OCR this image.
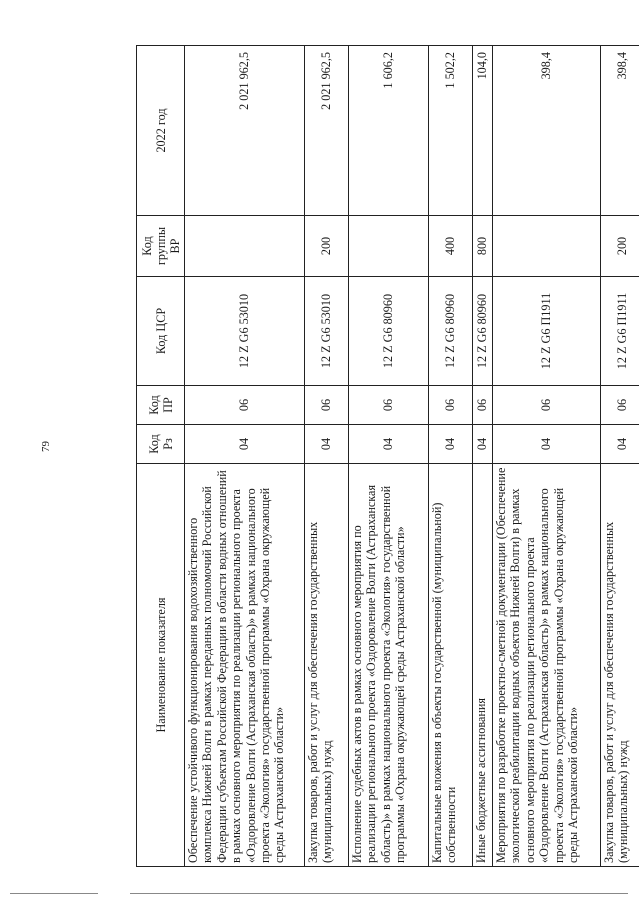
79
Наименование показателя	Код Рз	Код ПР	Код ЦСР	Код группы ВР	2022 год
Обеспечение устойчивого функционирования водохозяйственного комплекса Нижней Волги в рамках переданных полномочий Российской Федерации субъектам Российской Федерации в области водных отношений в рамках основного мероприятия по реализации регионального проекта «Оздоровление Волги (Астраханская область)» в рамках национального проекта «Экология» государственной программы «Охрана окружающей среды Астраханской области»	04	06	12 Z G6 53010		2 021 962,5
Закупка товаров, работ и услуг для обеспечения государственных (муниципальных) нужд	04	06	12 Z G6 53010	200	2 021 962,5
Исполнение судебных актов в рамках основного мероприятия по реализации регионального проекта «Оздоровление Волги (Астраханская область)» в рамках национального проекта «Экология» государственной программы «Охрана окружающей среды Астраханской области»	04	06	12 Z G6 80960		1 606,2
Капитальные вложения в объекты государственной (муниципальной) собственности	04	06	12 Z G6 80960	400	1 502,2
Иные бюджетные ассигнования	04	06	12 Z G6 80960	800	104,0
Мероприятия по разработке проектно-сметной документации (Обеспечение экологической реабилитации водных объектов Нижней Волги) в рамках основного мероприятия по реализации регионального проекта «Оздоровление Волги (Астраханская область)» в рамках национального проекта «Экология» государственной программы «Охрана окружающей среды Астраханской области»	04	06	12 Z G6 П1911		398,4
Закупка товаров, работ и услуг для обеспечения государственных (муниципальных) нужд	04	06	12 Z G6 П1911	200	398,4
